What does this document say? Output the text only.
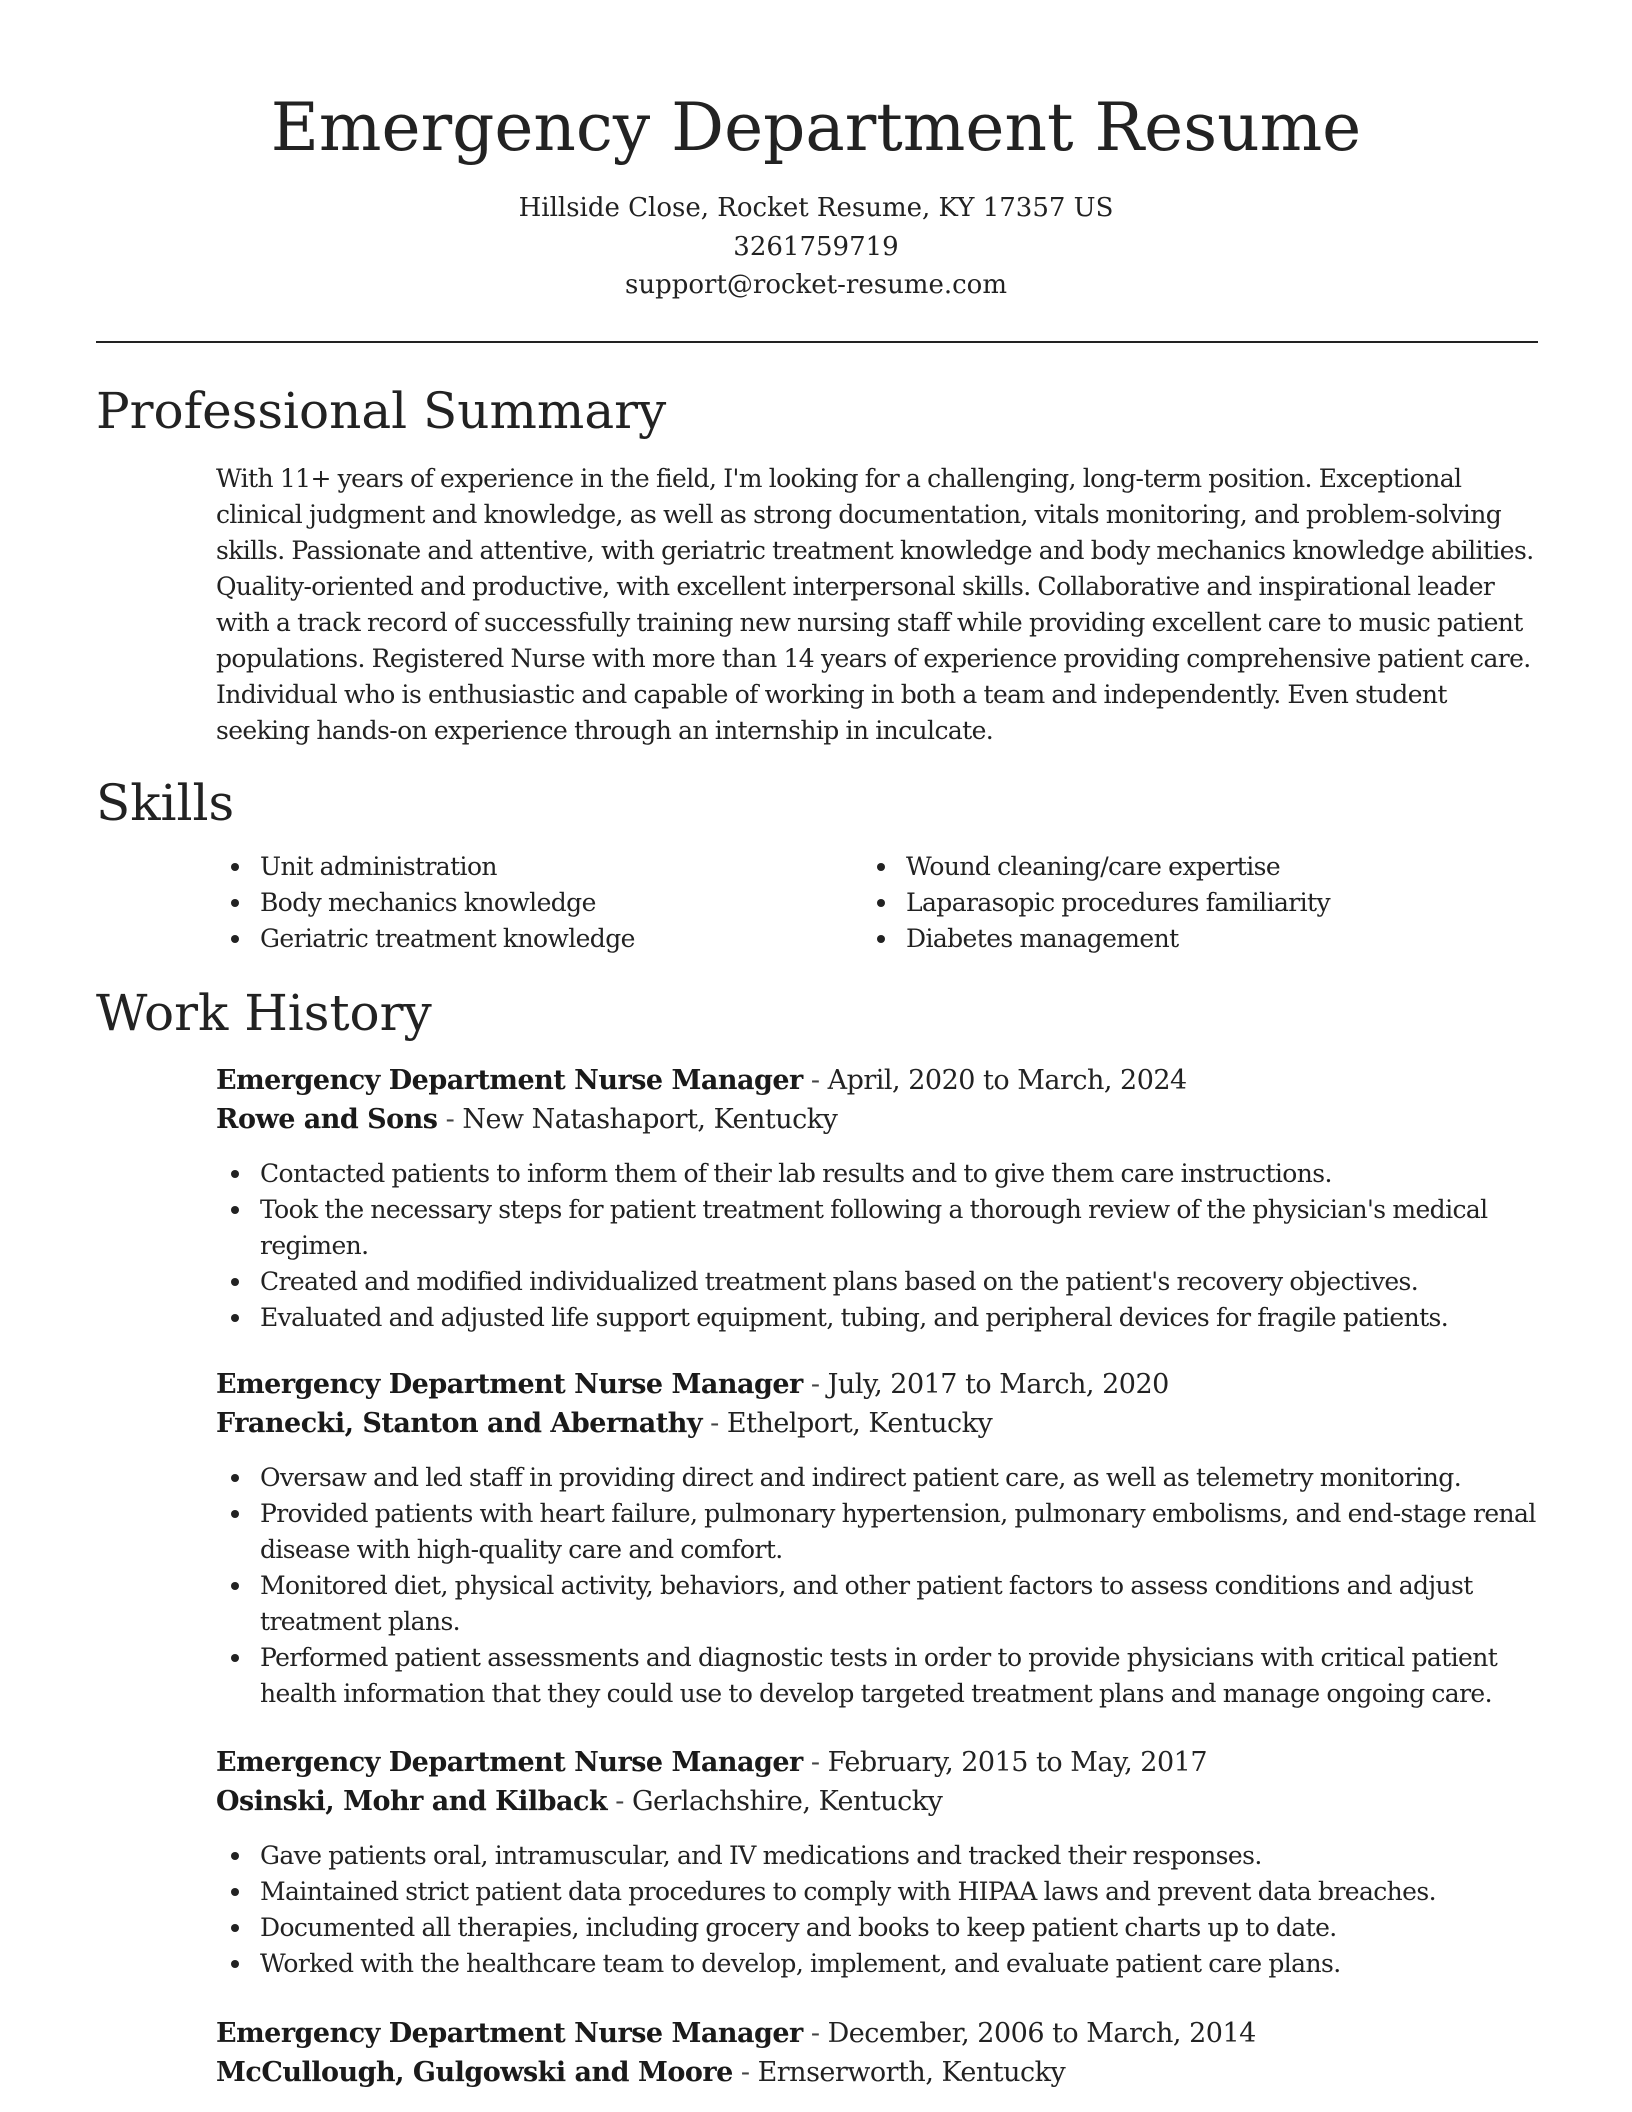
Emergency Department Resume
Hillside Close, Rocket Resume, KY 17357 US
3261759719
support@rocket-resume.com
Professional Summary

With 11+ years of experience in the field, I'm looking for a challenging, long-term position. Exceptional clinical judgment and knowledge, as well as strong documentation, vitals monitoring, and problem-solving skills. Passionate and attentive, with geriatric treatment knowledge and body mechanics knowledge abilities. Quality-oriented and productive, with excellent interpersonal skills. Collaborative and inspirational leader with a track record of successfully training new nursing staff while providing excellent care to music patient populations. Registered Nurse with more than 14 years of experience providing comprehensive patient care. Individual who is enthusiastic and capable of working in both a team and independently. Even student seeking hands-on experience through an internship in inculcate.

Skills
Unit administration
Body mechanics knowledge
Geriatric treatment knowledge
Wound cleaning/care expertise
Laparasopic procedures familiarity
Diabetes management
Work History
Emergency Department Nurse Manager - April, 2020 to March, 2024
Rowe and Sons - New Natashaport, Kentucky
Contacted patients to inform them of their lab results and to give them care instructions.
Took the necessary steps for patient treatment following a thorough review of the physician's medical regimen.
Created and modified individualized treatment plans based on the patient's recovery objectives.
Evaluated and adjusted life support equipment, tubing, and peripheral devices for fragile patients.
Emergency Department Nurse Manager - July, 2017 to March, 2020
Franecki, Stanton and Abernathy - Ethelport, Kentucky
Oversaw and led staff in providing direct and indirect patient care, as well as telemetry monitoring.
Provided patients with heart failure, pulmonary hypertension, pulmonary embolisms, and end-stage renal disease with high-quality care and comfort.
Monitored diet, physical activity, behaviors, and other patient factors to assess conditions and adjust treatment plans.
Performed patient assessments and diagnostic tests in order to provide physicians with critical patient health information that they could use to develop targeted treatment plans and manage ongoing care.
Emergency Department Nurse Manager - February, 2015 to May, 2017
Osinski, Mohr and Kilback - Gerlachshire, Kentucky
Gave patients oral, intramuscular, and IV medications and tracked their responses.
Maintained strict patient data procedures to comply with HIPAA laws and prevent data breaches.
Documented all therapies, including grocery and books to keep patient charts up to date.
Worked with the healthcare team to develop, implement, and evaluate patient care plans.
Emergency Department Nurse Manager - December, 2006 to March, 2014
McCullough, Gulgowski and Moore - Ernserworth, Kentucky
